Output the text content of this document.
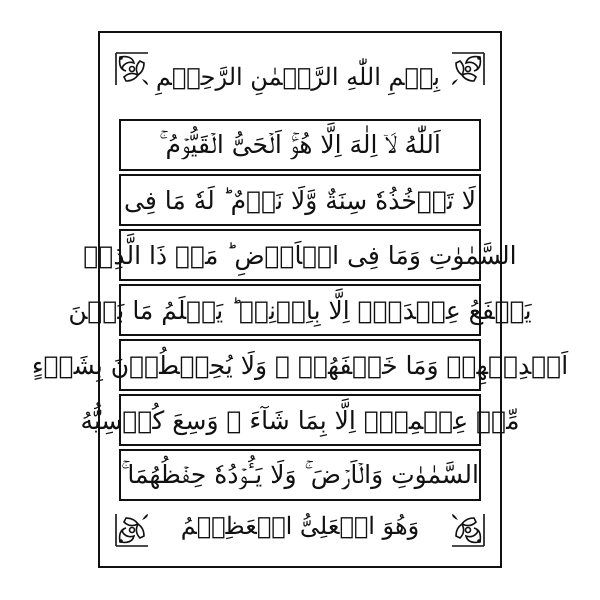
بِسۡمِ اللّٰهِ الرَّحۡمٰنِ الرَّحِيۡمِ
اَللّٰهُ لَاۤ اِلٰهَ اِلَّا هُوَۚ اَلۡحَىُّ الۡقَيُّوۡمُ ۚ
لَا تَاۡخُذُهٗ سِنَةٌ وَّلَا نَوۡمٌ ؕ لَهٗ مَا فِى
السَّمٰوٰتِ وَمَا فِى الۡاَرۡضِ ؕ مَنۡ ذَا الَّذِىۡ
يَشۡفَعُ عِنۡدَهٗۤ اِلَّا بِاِذۡنِهٖ ؕ يَعۡلَمُ مَا بَيۡنَ
اَيۡدِيۡهِمۡ وَمَا خَلۡفَهُمۡ ۚ وَلَا يُحِيۡطُوۡنَ بِشَىۡءٍ
مِّنۡ عِلۡمِهٖۤ اِلَّا بِمَا شَآءَ ۚ وَسِعَ كُرۡسِيُّهُ
السَّمٰوٰتِ وَالۡاَرۡضَ ۚ وَلَا يَـُٔوۡدُهٗ حِفۡظُهُمَا ۚ
وَهُوَ الۡعَلِىُّ الۡعَظِيۡمُ
